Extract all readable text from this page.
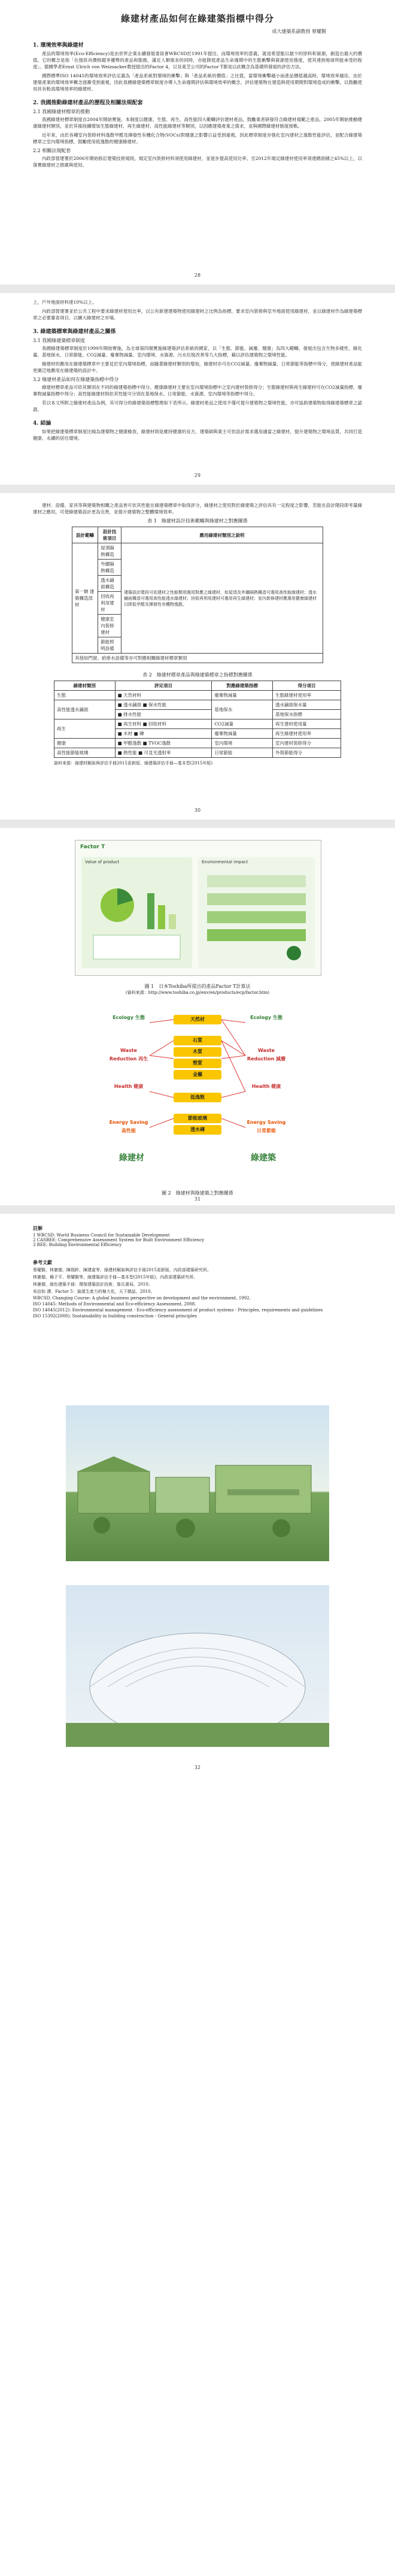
綠建材產品如何在綠建築指標中得分
成大建築系副教授 蔡耀賢
1. 環境效率與綠建材

產品的環境效率(Eco-Efficiency)是由世界企業永續發展委員會WBCSD於1991年提出，而環境效率的意義，就是希望能以最少的原料和資源，創造出最大的價值。它的概念是指「在提供具價格競爭優勢的產品和服務，滿足人類需求的同時，亦能降低產品生命週期中的生態衝擊與資源使用強度，使其達到地球所能承受的程度」。德國學者Ernst Ulrich von Weizsacker教授提出的Factor 4，以及東芝公司的Factor T都是以此概念為基礎所發展的評估方法。

國際標準ISO 14045的環境效率評估定義為「產品系統對環境的衝擊」與「產品系統的價值」之比值，當環境衝擊越小而產品價值越高時，環境效率越佳。由於建築產業的環境效率概念逐漸受到重視，因此我國綠建築標章制度亦導入生命週期評估與環境效率的概念，評估建築物在建造與使用期間對環境造成的衝擊，以鼓勵使用具有較高環境效率的綠建材。

2. 我國推動綠建材產品的歷程及相關法規配套
2.1 我國綠建材標章的推動

我國綠建材標章制度自2004年開始實施，本制度以健康、生態、再生、高性能四大範疇評估建材產品，鼓勵業者研發符合綠建材規範之產品。2005年開始推動健康綠建材類別，並於其後陸續增加生態綠建材、再生綠建材、高性能綠建材等類別，以因應建築產業之需求，並與國際綠建材制度接軌。

近年來，由於各種室內裝修材料逸散甲醛及揮發性有機化合物(VOCs)對健康之影響日益受到重視，因此標章制度亦強化室內建材之逸散性能評估，並配合綠建築標章之室內環境指標，鼓勵使用低逸散的健康綠建材。

2.2 相關法規配套

內政部營建署於2006年開始修訂建築技術規則，規定室內裝修材料須使用綠建材，並逐步提高使用比率。至2012年規定綠建材使用率須達總面積之45%以上，以落實綠建材之推廣與使用。

28

上，戶外地面材料達10%以上。

內政部營建署並於公共工程中要求綠建材使用比率，以公有新建建築物使用綠建材之比例為指標，要求室內裝修與室外地面使用綠建材，並以綠建材作為綠建築標章之必要審查項目，以擴大綠建材之市場。

3. 綠建築標章與綠建材產品之關係
3.1 我國綠建築標章制度

我國綠建築標章制度於1999年開始實施，為全球第四個實施綠建築評估系統的國家，以「生態、節能、減廢、健康」為四大範疇，發展出包含生物多樣性、綠化量、基地保水、日常節能、CO2減量、廢棄物減量、室內環境、水資源、污水垃圾改善等九大指標，藉以評估建築物之環境性能。

綠建材的應用在綠建築標章中主要見於室內環境指標，而隨著綠建材類別的增加，綠建材亦可在CO2減量、廢棄物減量、日常節能等指標中得分，使綠建材產品能更廣泛地應用在綠建築的設計中。

3.2 綠建材產品如何在綠建築指標中得分

綠建材標章產品可依其類別在不同的綠建築指標中得分。健康綠建材主要在室內環境指標中之室內建材裝修得分；生態綠建材與再生綠建材可在CO2減量指標、廢棄物減量指標中得分；高性能綠建材則依其性能可分別在基地保水、日常節能、水資源、室內環境等指標中得分。

若以本文所附之綠建材產品為例，其可得分的綠建築指標整理如下表所示。綠建材產品之使用不僅可提升建築物之環境性能，亦可協助建築物取得綠建築標章之認證。

4. 結論

如果把綠建築標章制度比喻為建築物之健康檢查，綠建材則是維持健康的良方，建築師與業主可依設計需求選用適當之綠建材，提升建築物之環境品質，共同打造健康、永續的居住環境。

29

建材、設備、家具等與建築物相關之產品皆可依其性能在綠建築標章中取得評分，綠建材之使用對於綠建築之評估具有一定程度之影響，若能在設計階段即考量綠建材之應用，可使綠建築設計更為完善，並提升建築物之整體環境效率。

表 1　綠建材設計技術範疇與綠建材之對應關係
設計範疇	設計技術項目	應用綠建材類別之說明
第一類 建築構造部材	屋頂隔熱構造	建築設計階段可依建材之性能類別選用對應之綠建材，如屋頂及外牆隔熱構造可選用高性能綠建材；透水鋪面構造可選用高性能透水綠建材；回收再利用建材可選用再生綠建材；室內裝修建材應選用健康綠建材以降低甲醛及揮發性有機物逸散。
	外牆隔熱構造	
	透水鋪面構造	
	回收再利用建材	
	健康室內裝修建材	
	節能照明設備	
其他如門窗、給排水設備等亦可對應相關綠建材標章類別		
表 2　綠建材標章產品與綠建築標章之指標對應關係
綠建材類別	評定項目	對應綠建築指標	得分項目
生態	■ 天然材料	廢棄物減量	生態綠建材使用率
高性能透水鋪面	■ 透水鋪面 ■ 保水性能	基地保水	透水鋪面保水量
	■ 排水性能		基地保水指標
再生	■ 再生材料 ■ 回收材料	CO2減量	再生建材使用量
	■ 木材 ■ 磚	廢棄物減量	再生綠建材使用率
健康	■ 甲醛逸散 ■ TVOC逸散	室內環境	室內建材裝修得分
高性能節能玻璃	■ 熱性能 ■ 可見光透射率	日常節能	外殼節能得分
資料來源：綠建材解說與評估手冊2015更新版、綠建築評估手冊—基本型(2015年版)
30
Factor T
Value of product	Environmental impact
圖 1　日本Toshiba所提出的產品Factor T計算法
(資料來源：http://www.toshiba.co.jp/env/en/products/ecp/factor.htm)
Ecology 生態
Waste Reduction 再生
Health 健康
Energy Saving 高性能
天然材
石質
木質
塑質
金屬
低逸散
節能玻璃
透水磚
Ecology 生態
Waste Reduction 減廢
Health 健康
Energy Saving 日常節能
綠建材	綠建築
圖 2　綠建材與綠建築之對應關係
31
註解
1 WBCSD: World Business Council for Sustainable Development
2 CASBEE: Comprehensive Assessment System for Built Environment Efficiency
3 BEE: Building Environmental Efficiency
參考文獻
蔡耀賢、林憲德、陳瑞鈴、陳建富等，綠建材解說與評估手冊2015更新版，內政部建築研究所。
林憲德、楊子平、蔡耀賢等，綠建築評估手冊—基本型(2015年版)，內政部建築研究所。
林憲德，綠色建築手冊：環保建築設計技術，詹氏書局，2010。
吳信如 譯，Factor 5：資源生產力的極大化，天下雜誌，2010。
WBCSD, Changing Course: A global business perspective on development and the environment, 1992.
ISO 14045: Methods of Environmental and Eco-efficiency Assessment, 2008.
ISO 14045(2012): Environmental management - Eco-efficiency assessment of product systems - Principles, requirements and guidelines
ISO 15392(2008): Sustainability in building construction - General principles
32
